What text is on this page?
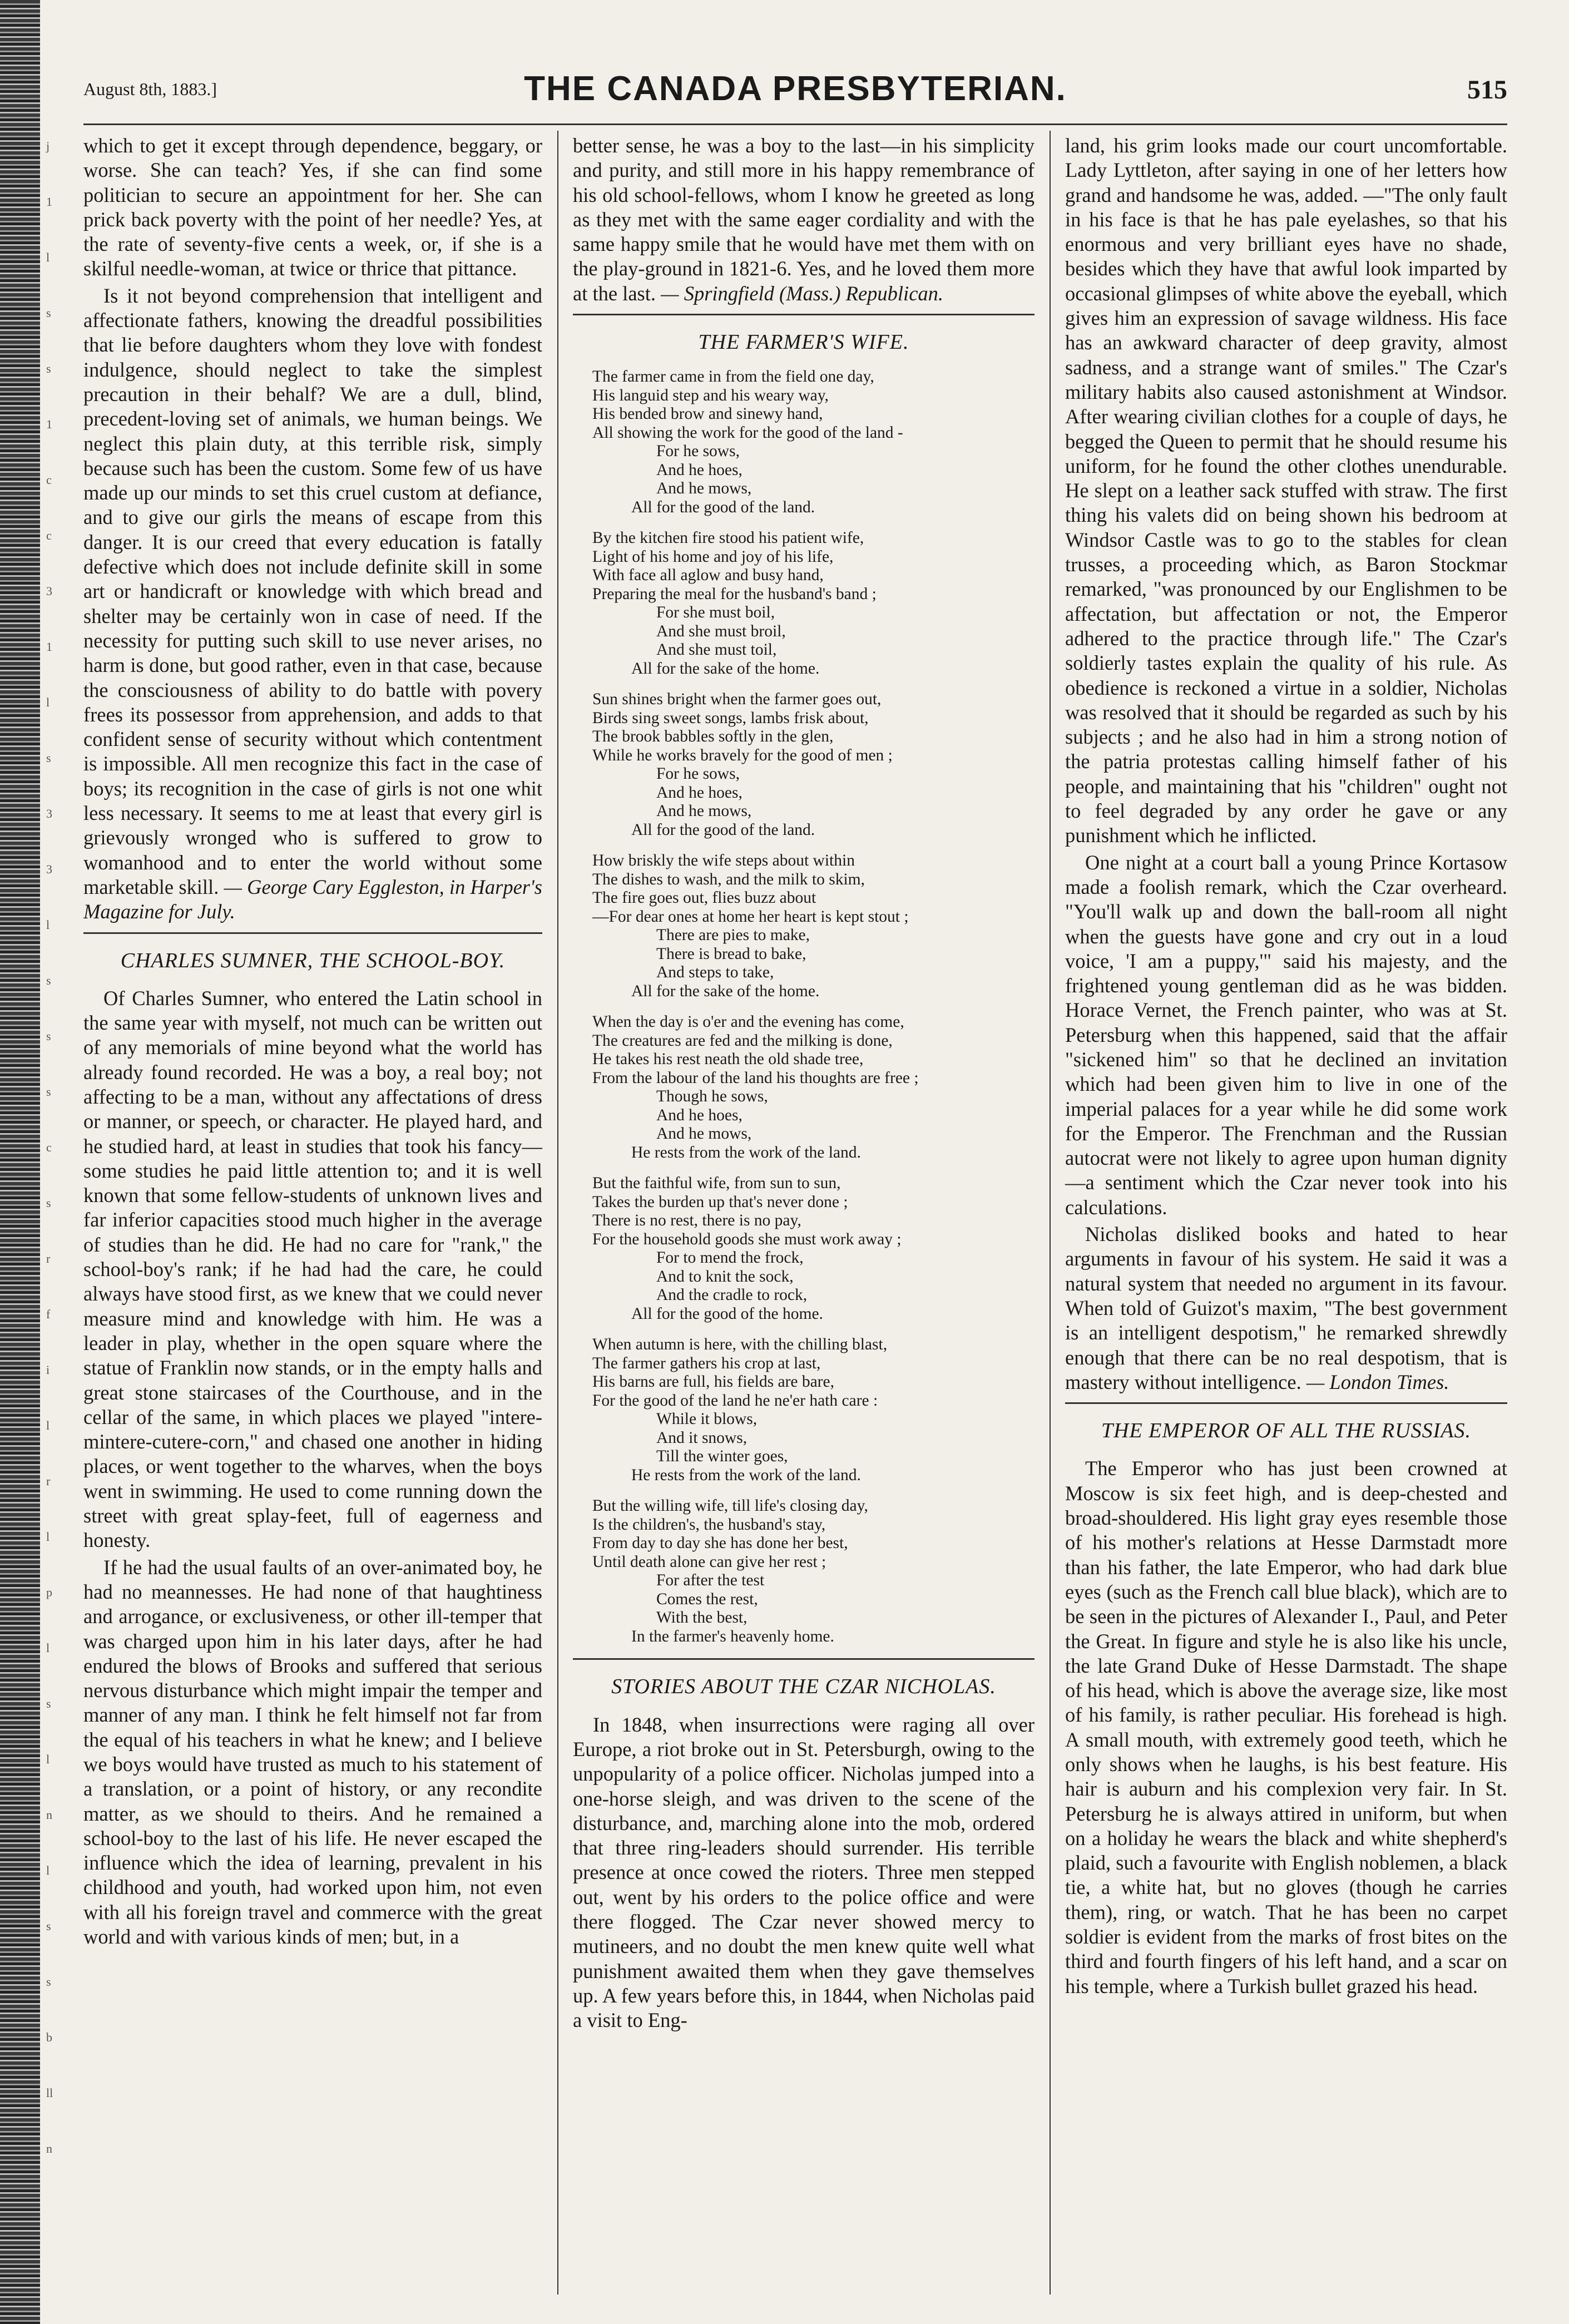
j
1
l
s
s
1
c
c
3
1
l
s
3
3
l
s
s
s
c
s
r
f
i
l
r
l
p
l
s
l
n
l
s
s
b
ll
n
August 8th, 1883.]	THE CANADA PRESBYTERIAN.	515

which to get it except through dependence, beggary, or worse. She can teach? Yes, if she can find some politician to secure an appointment for her. She can prick back poverty with the point of her needle? Yes, at the rate of seventy-five cents a week, or, if she is a skilful needle-woman, at twice or thrice that pittance.

Is it not beyond comprehension that intelligent and affectionate fathers, knowing the dreadful possibilities that lie before daughters whom they love with fondest indulgence, should neglect to take the simplest precaution in their behalf? We are a dull, blind, precedent-loving set of animals, we human beings. We neglect this plain duty, at this terrible risk, simply because such has been the custom. Some few of us have made up our minds to set this cruel custom at defiance, and to give our girls the means of escape from this danger. It is our creed that every education is fatally defective which does not include definite skill in some art or handicraft or knowledge with which bread and shelter may be certainly won in case of need. If the necessity for putting such skill to use never arises, no harm is done, but good rather, even in that case, because the consciousness of ability to do battle with povery frees its possessor from apprehension, and adds to that confident sense of security without which contentment is impossible. All men recognize this fact in the case of boys; its recognition in the case of girls is not one whit less necessary. It seems to me at least that every girl is grievously wronged who is suffered to grow to womanhood and to enter the world without some marketable skill. — George Cary Eggleston, in Harper's Magazine for July.

CHARLES SUMNER, THE SCHOOL-BOY.

Of Charles Sumner, who entered the Latin school in the same year with myself, not much can be written out of any memorials of mine beyond what the world has already found recorded. He was a boy, a real boy; not affecting to be a man, without any affectations of dress or manner, or speech, or character. He played hard, and he studied hard, at least in studies that took his fancy—some studies he paid little attention to; and it is well known that some fellow-students of unknown lives and far inferior capacities stood much higher in the average of studies than he did. He had no care for "rank," the school-boy's rank; if he had had the care, he could always have stood first, as we knew that we could never measure mind and knowledge with him. He was a leader in play, whether in the open square where the statue of Franklin now stands, or in the empty halls and great stone staircases of the Courthouse, and in the cellar of the same, in which places we played "intere-mintere-cutere-corn," and chased one another in hiding places, or went together to the wharves, when the boys went in swimming. He used to come running down the street with great splay-feet, full of eagerness and honesty.

If he had the usual faults of an over-animated boy, he had no meannesses. He had none of that haughtiness and arrogance, or exclusiveness, or other ill-temper that was charged upon him in his later days, after he had endured the blows of Brooks and suffered that serious nervous disturbance which might impair the temper and manner of any man. I think he felt himself not far from the equal of his teachers in what he knew; and I believe we boys would have trusted as much to his statement of a translation, or a point of history, or any recondite matter, as we should to theirs. And he remained a school-boy to the last of his life. He never escaped the influence which the idea of learning, prevalent in his childhood and youth, had worked upon him, not even with all his foreign travel and commerce with the great world and with various kinds of men; but, in a

better sense, he was a boy to the last—in his simplicity and purity, and still more in his happy remembrance of his old school-fellows, whom I know he greeted as long as they met with the same eager cordiality and with the same happy smile that he would have met them with on the play-ground in 1821-6. Yes, and he loved them more at the last. — Springfield (Mass.) Republican.

THE FARMER'S WIFE.
The farmer came in from the field one day,
His languid step and his weary way,
His bended brow and sinewy hand,
All showing the work for the good of the land -
For he sows,
And he hoes,
And he mows,
All for the good of the land.
By the kitchen fire stood his patient wife,
Light of his home and joy of his life,
With face all aglow and busy hand,
Preparing the meal for the husband's band ;
For she must boil,
And she must broil,
And she must toil,
All for the sake of the home.
Sun shines bright when the farmer goes out,
Birds sing sweet songs, lambs frisk about,
The brook babbles softly in the glen,
While he works bravely for the good of men ;
For he sows,
And he hoes,
And he mows,
All for the good of the land.
How briskly the wife steps about within
The dishes to wash, and the milk to skim,
The fire goes out, flies buzz about
—For dear ones at home her heart is kept stout ;
There are pies to make,
There is bread to bake,
And steps to take,
All for the sake of the home.
When the day is o'er and the evening has come,
The creatures are fed and the milking is done,
He takes his rest neath the old shade tree,
From the labour of the land his thoughts are free ;
Though he sows,
And he hoes,
And he mows,
He rests from the work of the land.
But the faithful wife, from sun to sun,
Takes the burden up that's never done ;
There is no rest, there is no pay,
For the household goods she must work away ;
For to mend the frock,
And to knit the sock,
And the cradle to rock,
All for the good of the home.
When autumn is here, with the chilling blast,
The farmer gathers his crop at last,
His barns are full, his fields are bare,
For the good of the land he ne'er hath care :
While it blows,
And it snows,
Till the winter goes,
He rests from the work of the land.
But the willing wife, till life's closing day,
Is the children's, the husband's stay,
From day to day she has done her best,
Until death alone can give her rest ;
For after the test
Comes the rest,
With the best,
In the farmer's heavenly home.
STORIES ABOUT THE CZAR NICHOLAS.

In 1848, when insurrections were raging all over Europe, a riot broke out in St. Petersburgh, owing to the unpopularity of a police officer. Nicholas jumped into a one-horse sleigh, and was driven to the scene of the disturbance, and, marching alone into the mob, ordered that three ring-leaders should surrender. His terrible presence at once cowed the rioters. Three men stepped out, went by his orders to the police office and were there flogged. The Czar never showed mercy to mutineers, and no doubt the men knew quite well what punishment awaited them when they gave themselves up. A few years before this, in 1844, when Nicholas paid a visit to Eng-

land, his grim looks made our court uncomfortable. Lady Lyttleton, after saying in one of her letters how grand and handsome he was, added. —"The only fault in his face is that he has pale eyelashes, so that his enormous and very brilliant eyes have no shade, besides which they have that awful look imparted by occasional glimpses of white above the eyeball, which gives him an expression of savage wildness. His face has an awkward character of deep gravity, almost sadness, and a strange want of smiles." The Czar's military habits also caused astonishment at Windsor. After wearing civilian clothes for a couple of days, he begged the Queen to permit that he should resume his uniform, for he found the other clothes unendurable. He slept on a leather sack stuffed with straw. The first thing his valets did on being shown his bedroom at Windsor Castle was to go to the stables for clean trusses, a proceeding which, as Baron Stockmar remarked, "was pronounced by our Englishmen to be affectation, but affectation or not, the Emperor adhered to the practice through life." The Czar's soldierly tastes explain the quality of his rule. As obedience is reckoned a virtue in a soldier, Nicholas was resolved that it should be regarded as such by his subjects ; and he also had in him a strong notion of the patria protestas calling himself father of his people, and maintaining that his "children" ought not to feel degraded by any order he gave or any punishment which he inflicted.

One night at a court ball a young Prince Kortasow made a foolish remark, which the Czar overheard. "You'll walk up and down the ball-room all night when the guests have gone and cry out in a loud voice, 'I am a puppy,'" said his majesty, and the frightened young gentleman did as he was bidden. Horace Vernet, the French painter, who was at St. Petersburg when this happened, said that the affair "sickened him" so that he declined an invitation which had been given him to live in one of the imperial palaces for a year while he did some work for the Emperor. The Frenchman and the Russian autocrat were not likely to agree upon human dignity—a sentiment which the Czar never took into his calculations.

Nicholas disliked books and hated to hear arguments in favour of his system. He said it was a natural system that needed no argument in its favour. When told of Guizot's maxim, "The best government is an intelligent despotism," he remarked shrewdly enough that there can be no real despotism, that is mastery without intelligence. — London Times.

THE EMPEROR OF ALL THE RUSSIAS.

The Emperor who has just been crowned at Moscow is six feet high, and is deep-chested and broad-shouldered. His light gray eyes resemble those of his mother's relations at Hesse Darmstadt more than his father, the late Emperor, who had dark blue eyes (such as the French call blue black), which are to be seen in the pictures of Alexander I., Paul, and Peter the Great. In figure and style he is also like his uncle, the late Grand Duke of Hesse Darmstadt. The shape of his head, which is above the average size, like most of his family, is rather peculiar. His forehead is high. A small mouth, with extremely good teeth, which he only shows when he laughs, is his best feature. His hair is auburn and his complexion very fair. In St. Petersburg he is always attired in uniform, but when on a holiday he wears the black and white shepherd's plaid, such a favourite with English noblemen, a black tie, a white hat, but no gloves (though he carries them), ring, or watch. That he has been no carpet soldier is evident from the marks of frost bites on the third and fourth fingers of his left hand, and a scar on his temple, where a Turkish bullet grazed his head.
